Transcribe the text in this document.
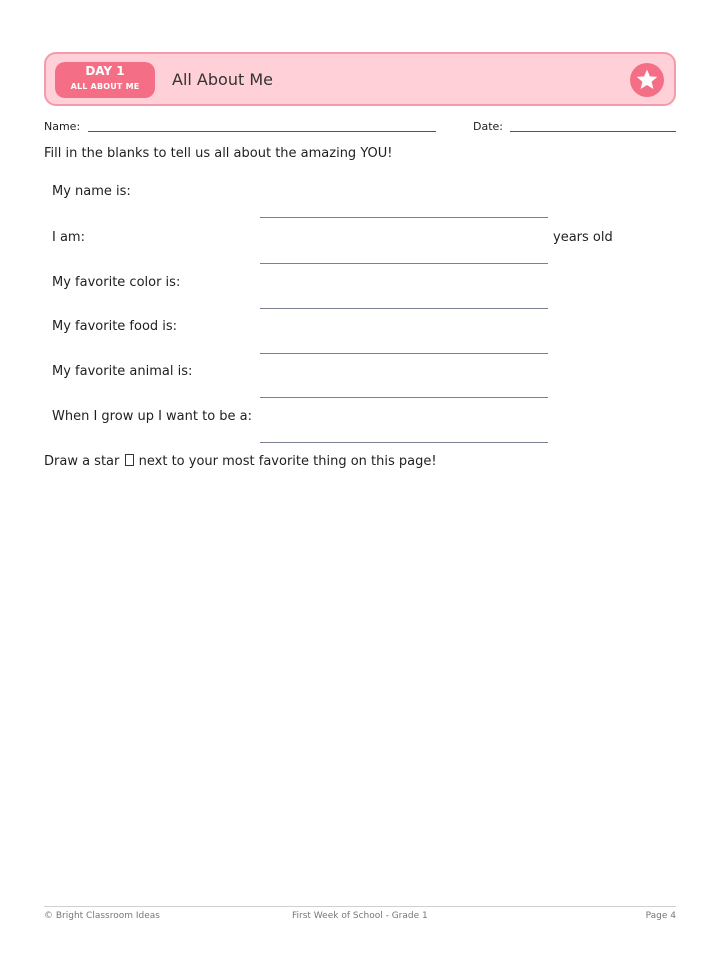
DAY 1
ALL ABOUT ME	All About Me
Name:	Date:
Fill in the blanks to tell us all about the amazing YOU!
My name is:
I am:	years old
My favorite color is:
My favorite food is:
My favorite animal is:
When I grow up I want to be a:
Draw a star next to your most favorite thing on this page!
© Bright Classroom Ideas	First Week of School - Grade 1	Page 4
